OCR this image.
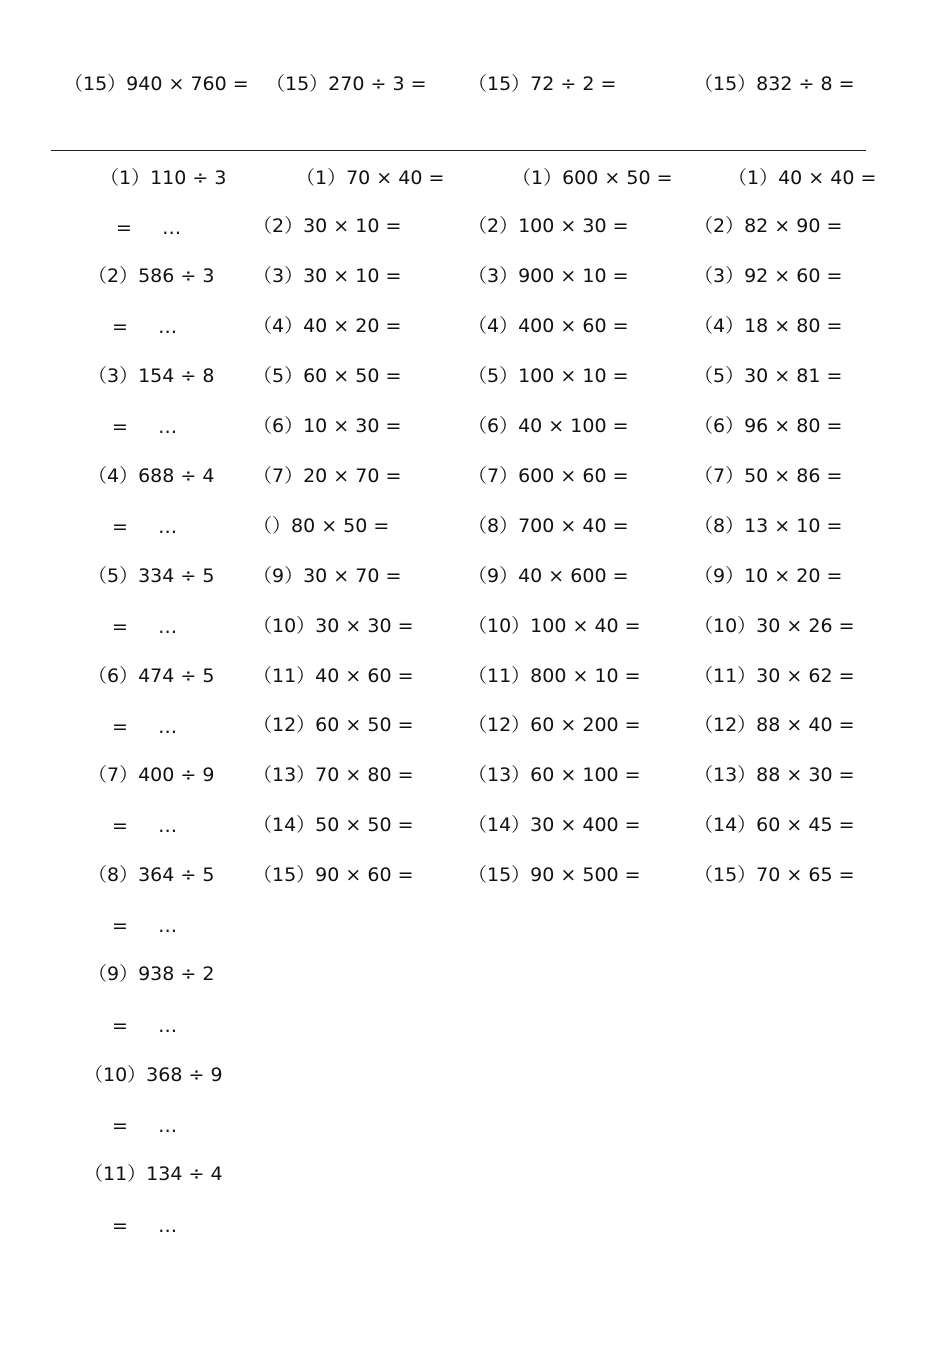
（15）940 × 760 = （15）270 ÷ 3 = （15）72 ÷ 2 =	（15）832 ÷ 8 =

（1）110 ÷ 3

=     …

（2）586 ÷ 3

=     …

（3）154 ÷ 8

=     …

（4）688 ÷ 4

=     …

（5）334 ÷ 5

=     …

（6）474 ÷ 5

=     …

（7）400 ÷ 9

=     …

（8）364 ÷ 5

=     …

（9）938 ÷ 2

=     …

（10）368 ÷ 9

=     …

（11）134 ÷ 4

=     …

（1）70 × 40 =

（2）30 × 10 =

（3）30 × 10 =

（4）40 × 20 =

（5）60 × 50 =

（6）10 × 30 =

（7）20 × 70 =

（）80 × 50 =

（9）30 × 70 =

（10）30 × 30 =

（11）40 × 60 =

（12）60 × 50 =

（13）70 × 80 =

（14）50 × 50 =

（15）90 × 60 =

（1）600 × 50 =

（2）100 × 30 =

（3）900 × 10 =

（4）400 × 60 =

（5）100 × 10 =

（6）40 × 100 =

（7）600 × 60 =

（8）700 × 40 =

（9）40 × 600 =

（10）100 × 40 =

（11）800 × 10 =

（12）60 × 200 =

（13）60 × 100 =

（14）30 × 400 =

（15）90 × 500 =

（1）40 × 40 =

（2）82 × 90 =

（3）92 × 60 =

（4）18 × 80 =

（5）30 × 81 =

（6）96 × 80 =

（7）50 × 86 =

（8）13 × 10 =

（9）10 × 20 =

（10）30 × 26 =

（11）30 × 62 =

（12）88 × 40 =

（13）88 × 30 =

（14）60 × 45 =

（15）70 × 65 =
